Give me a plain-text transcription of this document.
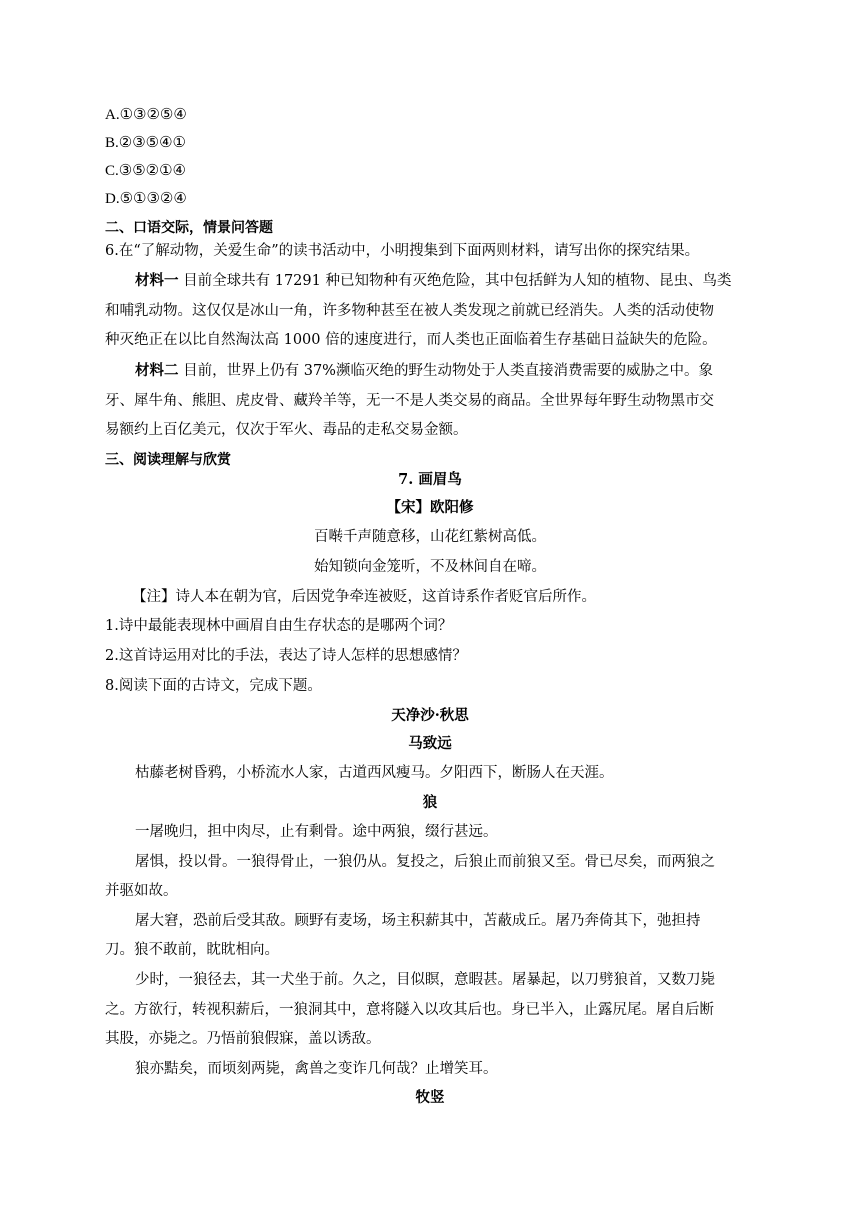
A.①③②⑤④
B.②③⑤④①
C.③⑤②①④
D.⑤①③②④
二、口语交际，情景问答题
6.在“了解动物，关爱生命”的读书活动中，小明搜集到下面两则材料，请写出你的探究结果。
材料一 目前全球共有 17291 种已知物种有灭绝危险，其中包括鲜为人知的植物、昆虫、鸟类
和哺乳动物。这仅仅是冰山一角，许多物种甚至在被人类发现之前就已经消失。人类的活动使物
种灭绝正在以比自然淘汰高 1000 倍的速度进行，而人类也正面临着生存基础日益缺失的危险。
材料二 目前，世界上仍有 37%濒临灭绝的野生动物处于人类直接消费需要的威胁之中。象
牙、犀牛角、熊胆、虎皮骨、藏羚羊等，无一不是人类交易的商品。全世界每年野生动物黑市交
易额约上百亿美元，仅次于军火、毒品的走私交易金额。
三、阅读理解与欣赏
7. 画眉鸟
【宋】欧阳修
百啭千声随意移，山花红紫树高低。
始知锁向金笼听，不及林间自在啼。
【注】诗人本在朝为官，后因党争牵连被贬，这首诗系作者贬官后所作。
1.诗中最能表现林中画眉自由生存状态的是哪两个词？
2.这首诗运用对比的手法，表达了诗人怎样的思想感情？
8.阅读下面的古诗文，完成下题。
天净沙·秋思
马致远
枯藤老树昏鸦，小桥流水人家，古道西风瘦马。夕阳西下，断肠人在天涯。
狼
一屠晚归，担中肉尽，止有剩骨。途中两狼，缀行甚远。
屠惧，投以骨。一狼得骨止，一狼仍从。复投之，后狼止而前狼又至。骨已尽矣，而两狼之
并驱如故。
屠大窘，恐前后受其敌。顾野有麦场，场主积薪其中，苫蔽成丘。屠乃奔倚其下，弛担持
刀。狼不敢前，眈眈相向。
少时，一狼径去，其一犬坐于前。久之，目似瞑，意暇甚。屠暴起，以刀劈狼首，又数刀毙
之。方欲行，转视积薪后，一狼洞其中，意将隧入以攻其后也。身已半入，止露尻尾。屠自后断
其股，亦毙之。乃悟前狼假寐，盖以诱敌。
狼亦黠矣，而顷刻两毙，禽兽之变诈几何哉？止增笑耳。
牧竖
